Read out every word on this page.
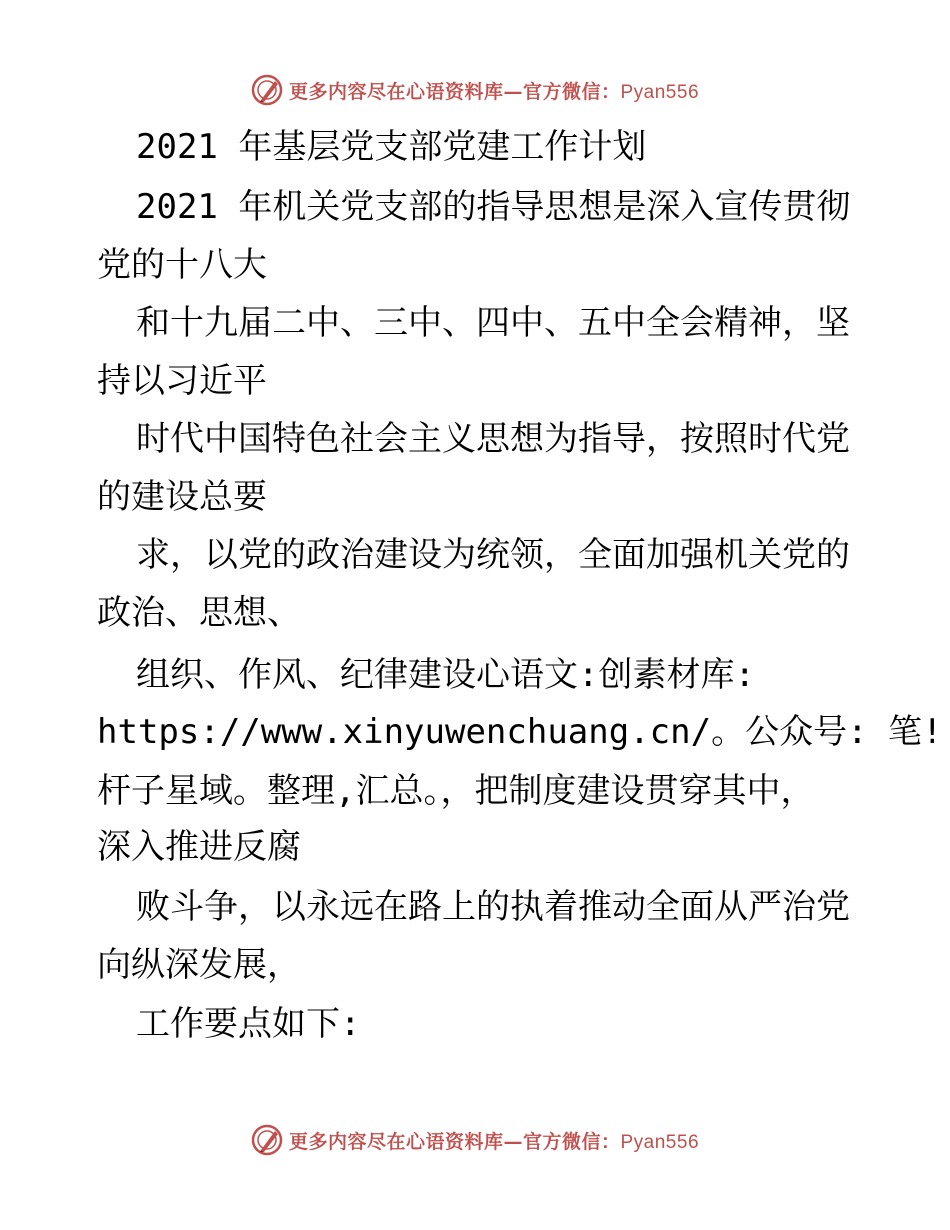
更多内容尽在心语资料库—官方微信：Pyan556
2021 年基层党支部党建工作计划
2021 年机关党支部的指导思想是深入宣传贯彻
党的十八大
和十九届二中、三中、四中、五中全会精神，坚
持以习近平
时代中国特色社会主义思想为指导，按照时代党
的建设总要
求，以党的政治建设为统领，全面加强机关党的
政治、思想、
组织、作风、纪律建设心语文:创素材库:
https://www.xinyuwenchuang.cn/。公众号: 笔!
杆子星域。整理,汇总。，把制度建设贯穿其中，
深入推进反腐
败斗争，以永远在路上的执着推动全面从严治党
向纵深发展，
工作要点如下:
更多内容尽在心语资料库—官方微信：Pyan556
